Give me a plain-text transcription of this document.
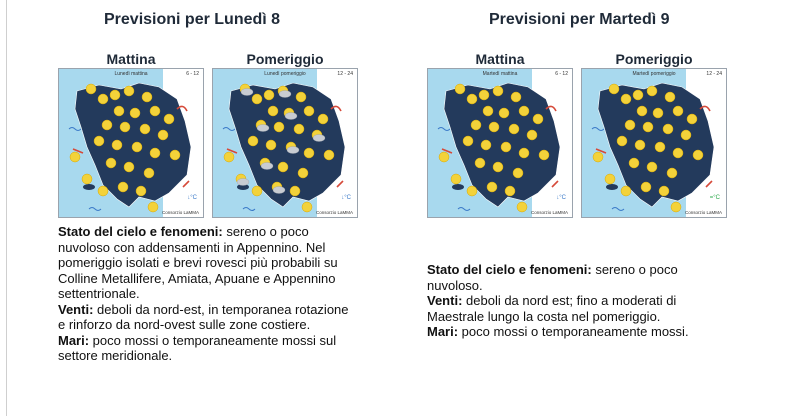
Previsioni per Lunedì 8
Mattina	Pomeriggio
Lunedì mattina	6 - 12
↓°C
Consorzio LaMMA
Lunedì pomeriggio	12 - 24
↓°C
Consorzio LaMMA

Stato del cielo e fenomeni: sereno o poco nuvoloso con addensamenti in Appennino. Nel pomeriggio isolati e brevi rovesci più probabili su Colline Metallifere, Amiata, Apuane e Appennino settentrionale.

Venti: deboli da nord-est, in temporanea rotazione e rinforzo da nord-ovest sulle zone costiere.

Mari: poco mossi o temporaneamente mossi sul settore meridionale.

Previsioni per Martedì 9
Mattina	Pomeriggio
Martedì mattina	6 - 12
↓°C
Consorzio LaMMA
Martedì pomeriggio	12 - 24
=°C
Consorzio LaMMA

Stato del cielo e fenomeni: sereno o poco nuvoloso.

Venti: deboli da nord est; fino a moderati di Maestrale lungo la costa nel pomeriggio.

Mari: poco mossi o temporaneamente mossi.
